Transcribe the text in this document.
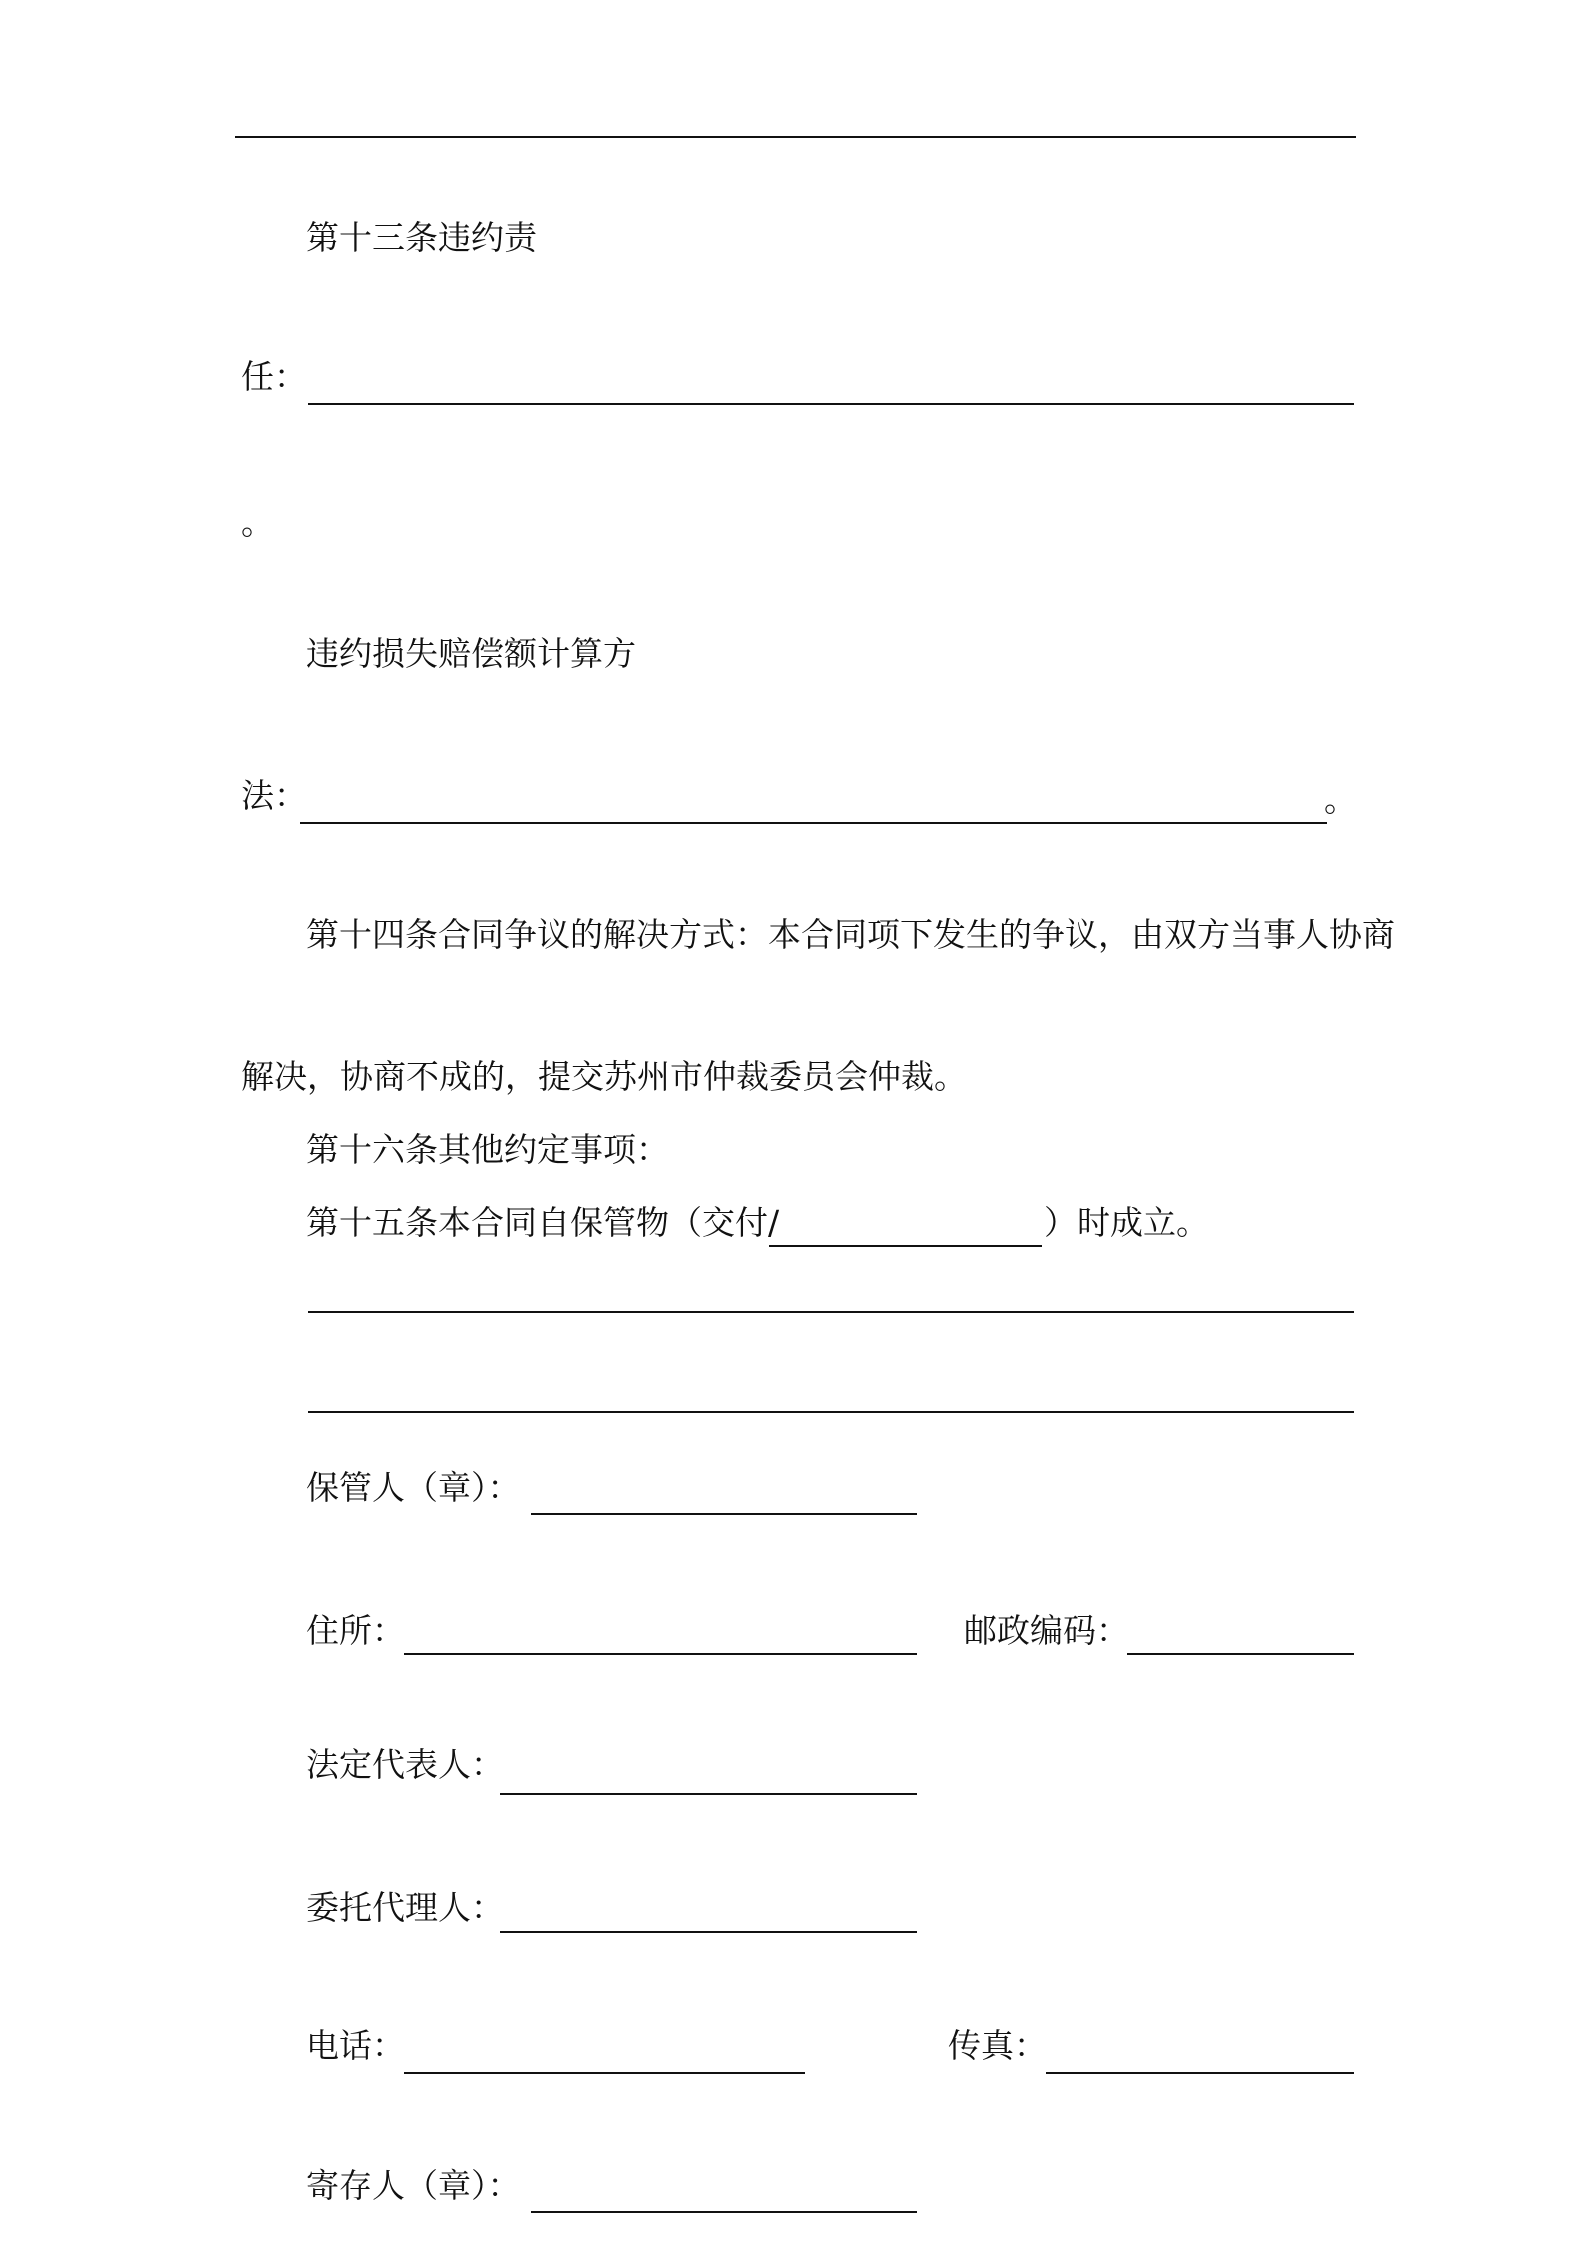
第十三条违约责
任：
。
违约损失赔偿额计算方
法：	。
第十四条合同争议的解决方式：本合同项下发生的争议，由双方当事人协商
解决，协商不成的，提交苏州市仲裁委员会仲裁。
第十五条本合同自保管物（交付/	）时成立。
第十六条其他约定事项：
保管人（章）：
住所：	邮政编码：
法定代表人：
委托代理人：
电话：	传真：
寄存人（章）：
